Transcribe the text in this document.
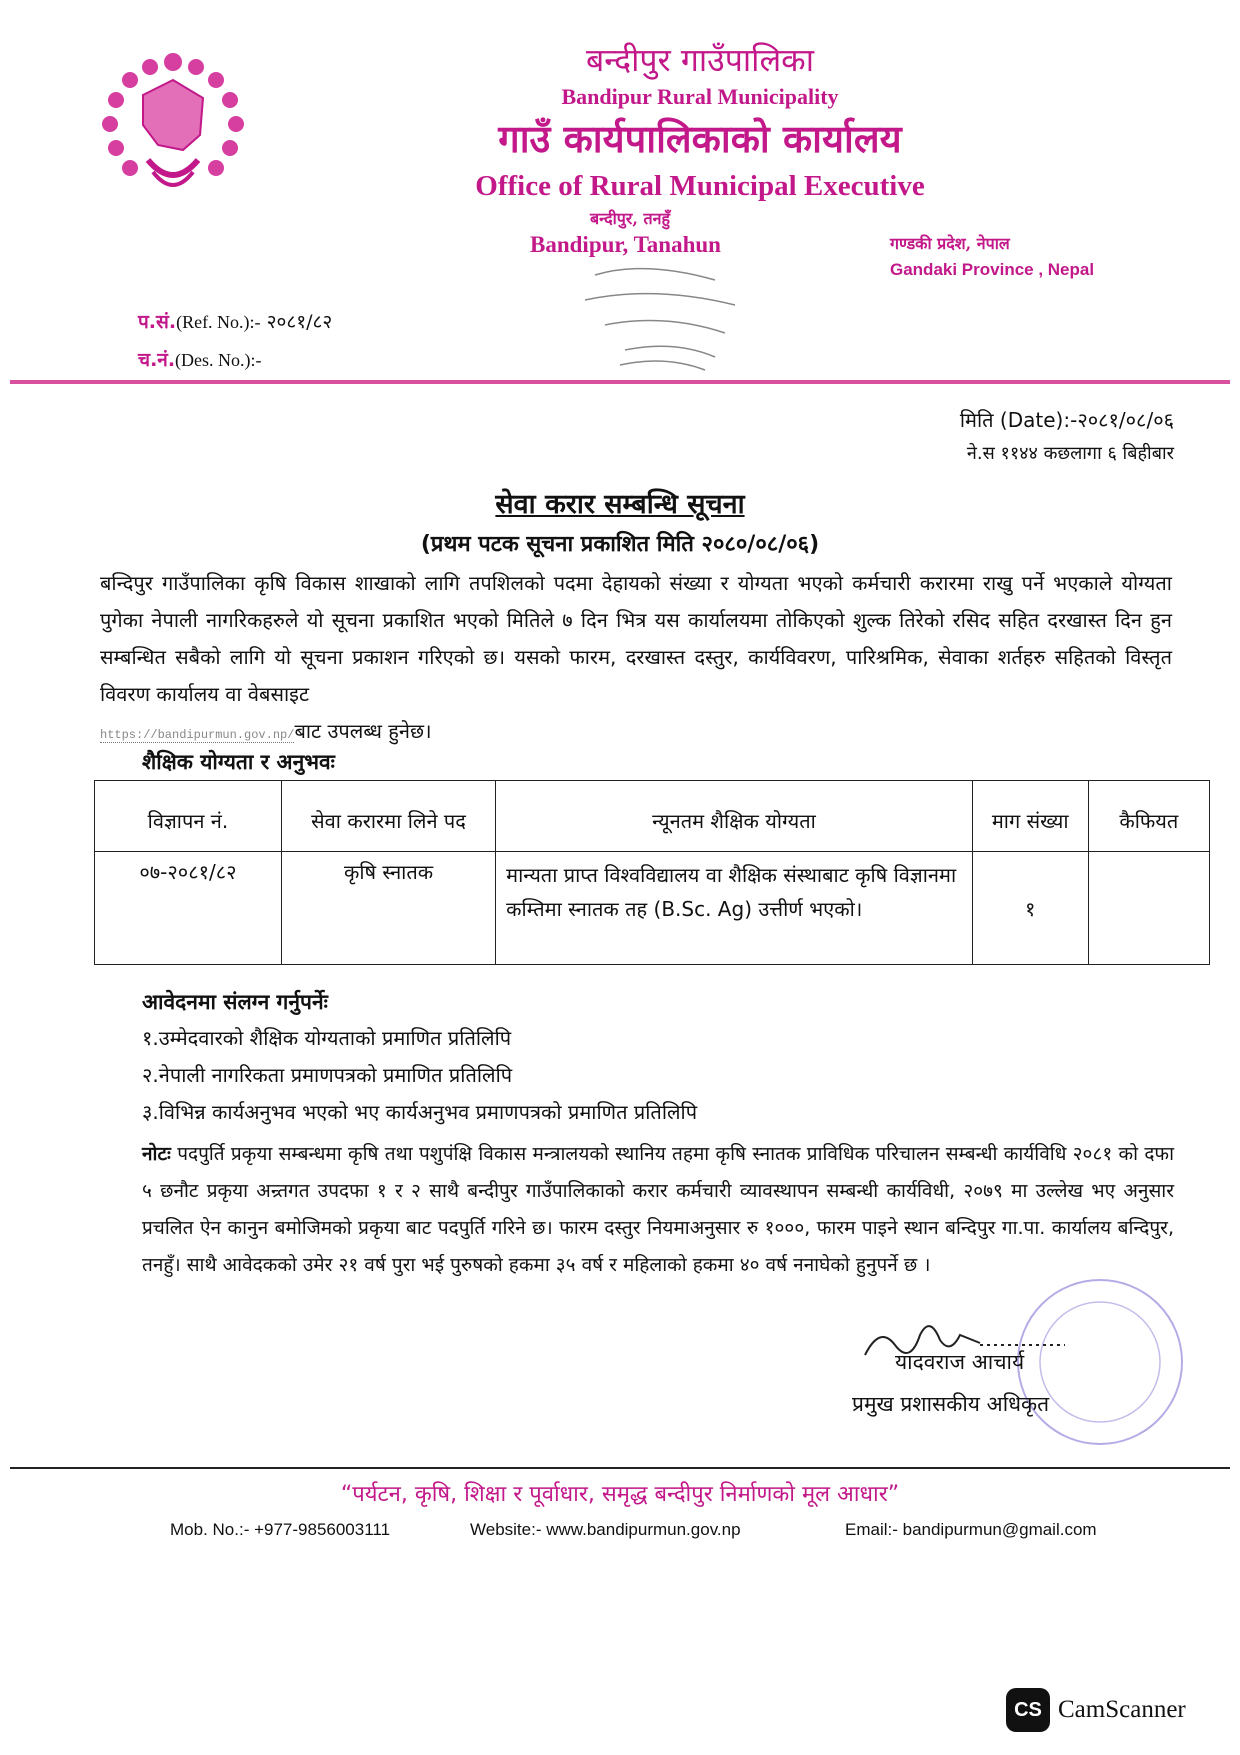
बन्दीपुर गाउँपालिका
Bandipur Rural Municipality
गाउँ कार्यपालिकाको कार्यालय
Office of Rural Municipal Executive
बन्दीपुर, तनहुँ
Bandipur, Tanahun	गण्डकी प्रदेश, नेपाल
Gandaki Province , Nepal
प.सं.(Ref. No.):- २०८१/८२
च.नं.(Des. No.):-
मिति (Date):-२०८१/०८/०६
ने.स ११४४ कछलागा ६ बिहीबार
सेवा करार सम्बन्धि सूचना
(प्रथम पटक सूचना प्रकाशित मिति २०८०/०८/०६)
बन्दिपुर गाउँपालिका कृषि विकास शाखाको लागि तपशिलको पदमा देहायको संख्या र योग्यता भएको कर्मचारी करारमा राखु पर्ने भएकाले योग्यता पुगेका नेपाली नागरिकहरुले यो सूचना प्रकाशित भएको मितिले ७ दिन भित्र यस कार्यालयमा तोकिएको शुल्क तिरेको रसिद सहित दरखास्त दिन हुन सम्बन्धित सबैको लागि यो सूचना प्रकाशन गरिएको छ। यसको फारम, दरखास्त दस्तुर, कार्यविवरण, पारिश्रमिक, सेवाका शर्तहरु सहितको विस्तृत विवरण कार्यालय वा वेबसाइट
https://bandipurmun.gov.np/बाट उपलब्ध हुनेछ।
शैक्षिक योग्यता र अनुभवः
विज्ञापन नं.	सेवा करारमा लिने पद	न्यूनतम शैक्षिक योग्यता	माग संख्या	कैफियत
०७-२०८१/८२	कृषि स्नातक	मान्यता प्राप्त विश्वविद्यालय वा शैक्षिक संस्थाबाट कृषि विज्ञानमा कम्तिमा स्नातक तह (B.Sc. Ag) उत्तीर्ण भएको।	१	
आवेदनमा संलग्न गर्नुपर्नेः
१.उम्मेदवारको शैक्षिक योग्यताको प्रमाणित प्रतिलिपि
२.नेपाली नागरिकता प्रमाणपत्रको प्रमाणित प्रतिलिपि
३.विभिन्न कार्यअनुभव भएको भए कार्यअनुभव प्रमाणपत्रको प्रमाणित प्रतिलिपि
नोटः पदपुर्ति प्रकृया सम्बन्धमा कृषि तथा पशुपंक्षि विकास मन्त्रालयको स्थानिय तहमा कृषि स्नातक प्राविधिक परिचालन सम्बन्धी कार्यविधि २०८१ को दफा ५ छनौट प्रकृया अन्र्तगत उपदफा १ र २ साथै बन्दीपुर गाउँपालिकाको करार कर्मचारी व्यावस्थापन सम्बन्धी कार्यविधी, २०७९ मा उल्लेख भए अनुसार प्रचलित ऐन कानुन बमोजिमको प्रकृया बाट पदपुर्ति गरिने छ। फारम दस्तुर नियमाअनुसार रु १०००, फारम पाइने स्थान बन्दिपुर गा.पा. कार्यालय बन्दिपुर, तनहुँ। साथै आवेदकको उमेर २१ वर्ष पुरा भई पुरुषको हकमा ३५ वर्ष र महिलाको हकमा ४० वर्ष ननाघेको हुनुपर्ने छ ।
यादवराज आचार्य
प्रमुख प्रशासकीय अधिकृत
“पर्यटन, कृषि, शिक्षा र पूर्वाधार, समृद्ध बन्दीपुर निर्माणको मूल आधार”
Mob. No.:- +977-9856003111	Website:- www.bandipurmun.gov.np	Email:- bandipurmun@gmail.com
CS CamScanner
